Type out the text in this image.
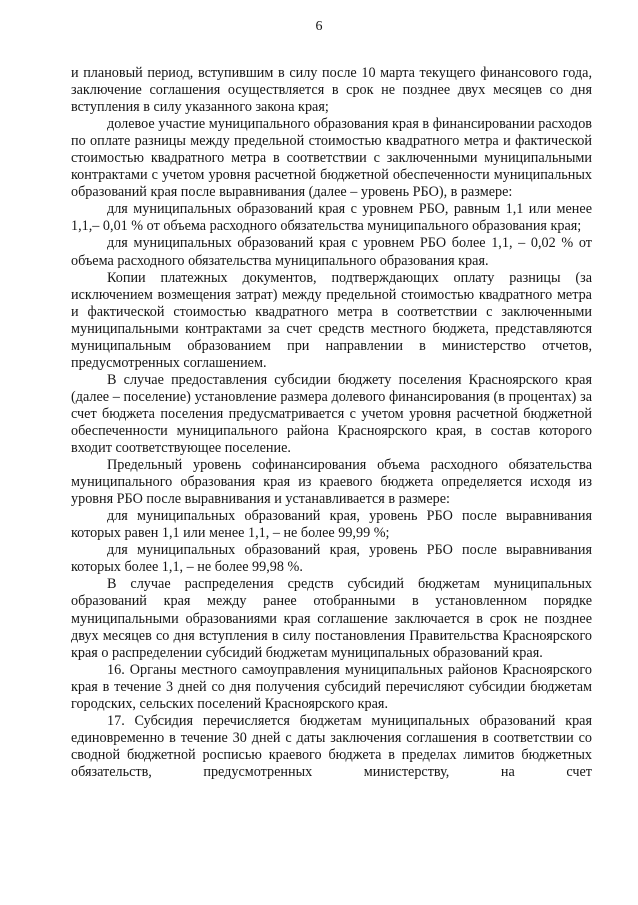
6

и плановый период, вступившим в силу после 10 марта текущего финансового года, заключение соглашения осуществляется в срок не позднее двух месяцев со дня вступления в силу указанного закона края;

долевое участие муниципального образования края в финансировании расходов по оплате разницы между предельной стоимостью квадратного метра и фактической стоимостью квадратного метра в соответствии с заключенными муниципальными контрактами с учетом уровня расчетной бюджетной обеспеченности муниципальных образований края после выравнивания (далее – уровень РБО), в размере:

для муниципальных образований края с уровнем РБО, равным 1,1 или менее 1,1,– 0,01 % от объема расходного обязательства муниципального образования края;

для муниципальных образований края с уровнем РБО более 1,1, – 0,02 % от объема расходного обязательства муниципального образования края.

Копии платежных документов, подтверждающих оплату разницы (за исключением возмещения затрат) между предельной стоимостью квадратного метра и фактической стоимостью квадратного метра в соответствии с заключенными муниципальными контрактами за счет средств местного бюджета, представляются муниципальным образованием при направлении в министерство отчетов, предусмотренных соглашением.

В случае предоставления субсидии бюджету поселения Красноярского края (далее – поселение) установление размера долевого финансирования (в процентах) за счет бюджета поселения предусматривается с учетом уровня расчетной бюджетной обеспеченности муниципального района Красноярского края, в состав которого входит соответствующее поселение.

Предельный уровень софинансирования объема расходного обязательства муниципального образования края из краевого бюджета определяется исходя из уровня РБО после выравнивания и устанавливается в размере:

для муниципальных образований края, уровень РБО после выравнивания которых равен 1,1 или менее 1,1, – не более 99,99 %;

для муниципальных образований края, уровень РБО после выравнивания которых более 1,1, – не более 99,98 %.

В случае распределения средств субсидий бюджетам муниципальных образований края между ранее отобранными в установленном порядке муниципальными образованиями края соглашение заключается в срок не позднее двух месяцев со дня вступления в силу постановления Правительства Красноярского края о распределении субсидий бюджетам муниципальных образований края.

16. Органы местного самоуправления муниципальных районов Красноярского края в течение 3 дней со дня получения субсидий перечисляют субсидии бюджетам городских, сельских поселений Красноярского края.

17. Субсидия перечисляется бюджетам муниципальных образований края единовременно в течение 30 дней с даты заключения соглашения в соответствии со сводной бюджетной росписью краевого бюджета в пределах лимитов бюджетных обязательств, предусмотренных министерству, на счет
